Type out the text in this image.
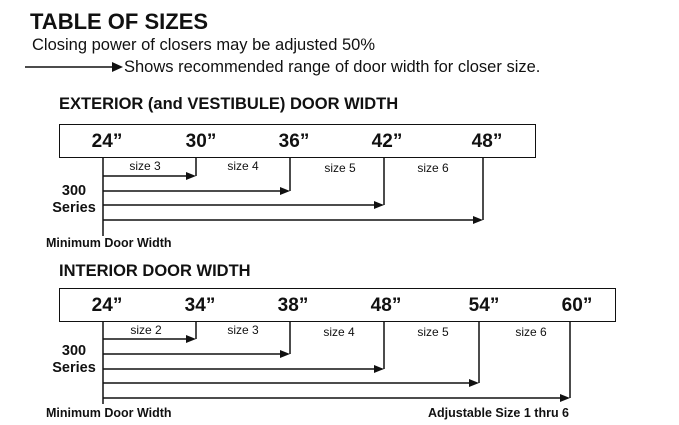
TABLE OF SIZES
Closing power of closers may be adjusted 50%
Shows recommended range of door width for closer size.
EXTERIOR (and VESTIBULE) DOOR WIDTH
24”	30”	36”	42”	48”
size 3	size 4	size 5	size 6
300
Series
Minimum Door Width
INTERIOR DOOR WIDTH
24”	34”	38”	48”	54”	60”
size 2	size 3	size 4	size 5	size 6
300
Series
Minimum Door Width	Adjustable Size 1 thru 6
